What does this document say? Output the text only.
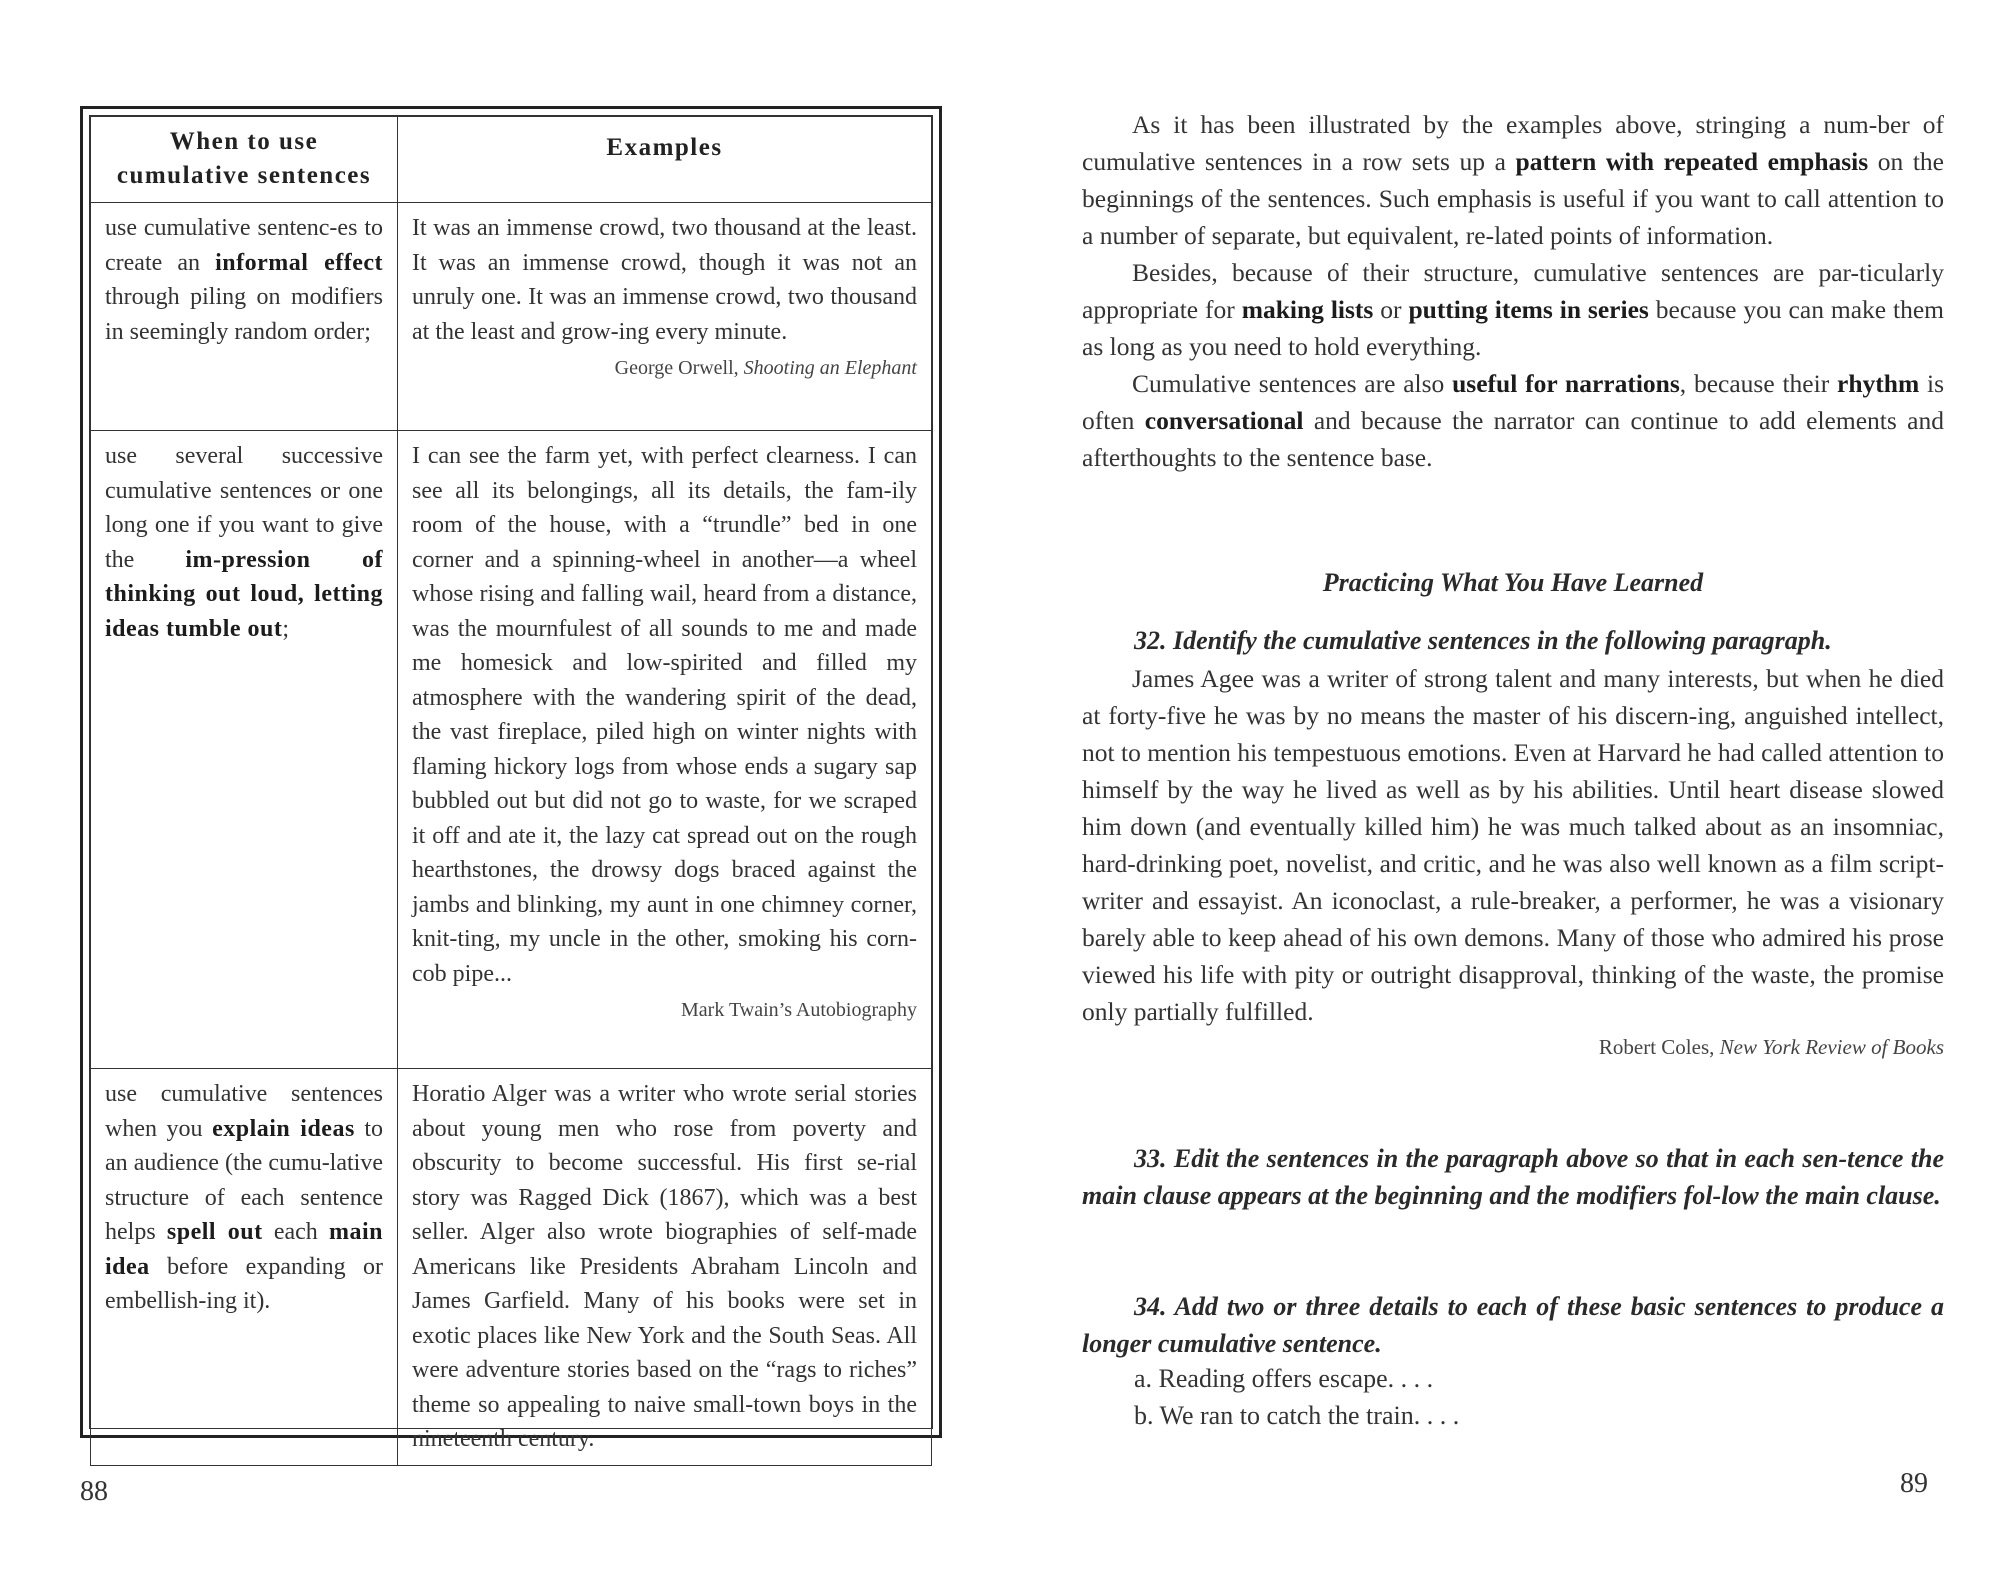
When to use
cumulative sentences	Examples
use cumulative sentenc-es to create an informal effect through piling on modifiers in seemingly random order;	It was an immense crowd, two thousand at the least. It was an immense crowd, though it was not an unruly one. It was an immense crowd, two thousand at the least and grow-ing every minute.
George Orwell, Shooting an Elephant

use several successive cumulative sentences or one long one if you want to give the im-pression of thinking out loud, letting ideas tumble out;	I can see the farm yet, with perfect clearness. I can see all its belongings, all its details, the fam-ily room of the house, with a “trundle” bed in one corner and a spinning-wheel in another—a wheel whose rising and falling wail, heard from a distance, was the mournfulest of all sounds to me and made me homesick and low-spirited and filled my atmosphere with the wandering spirit of the dead, the vast fireplace, piled high on winter nights with flaming hickory logs from whose ends a sugary sap bubbled out but did not go to waste, for we scraped it off and ate it, the lazy cat spread out on the rough hearthstones, the drowsy dogs braced against the jambs and blinking, my aunt in one chimney corner, knit-ting, my uncle in the other, smoking his corn-cob pipe...
Mark Twain’s Autobiography

use cumulative sentences when you explain ideas to an audience (the cumu-lative structure of each sentence helps spell out each main idea before expanding or embellish-ing it).	Horatio Alger was a writer who wrote serial stories about young men who rose from poverty and obscurity to become successful. His first se-rial story was Ragged Dick (1867), which was a best seller. Alger also wrote biographies of self-made Americans like Presidents Abraham Lincoln and James Garfield. Many of his books were set in exotic places like New York and the South Seas. All were adventure stories based on the “rags to riches” theme so appealing to naive small-town boys in the nineteenth century.
88

As it has been illustrated by the examples above, stringing a num-ber of cumulative sentences in a row sets up a pattern with repeated emphasis on the beginnings of the sentences. Such emphasis is useful if you want to call attention to a number of separate, but equivalent, re-lated points of information.

Besides, because of their structure, cumulative sentences are par-ticularly appropriate for making lists or putting items in series because you can make them as long as you need to hold everything.

Cumulative sentences are also useful for narrations, because their rhythm is often conversational and because the narrator can continue to add elements and afterthoughts to the sentence base.

Practicing What You Have Learned
32. Identify the cumulative sentences in the following paragraph.

James Agee was a writer of strong talent and many interests, but when he died at forty-five he was by no means the master of his discern-ing, anguished intellect, not to mention his tempestuous emotions. Even at Harvard he had called attention to himself by the way he lived as well as by his abilities. Until heart disease slowed him down (and eventually killed him) he was much talked about as an insomniac, hard-drinking poet, novelist, and critic, and he was also well known as a film script-writer and essayist. An iconoclast, a rule-breaker, a performer, he was a visionary barely able to keep ahead of his own demons. Many of those who admired his prose viewed his life with pity or outright disapproval, thinking of the waste, the promise only partially fulfilled.

Robert Coles, New York Review of Books
33. Edit the sentences in the paragraph above so that in each sen-tence the main clause appears at the beginning and the modifiers fol-low the main clause.
34. Add two or three details to each of these basic sentences to produce a longer cumulative sentence.
a. Reading offers escape. . . .
b. We ran to catch the train. . . .
89
